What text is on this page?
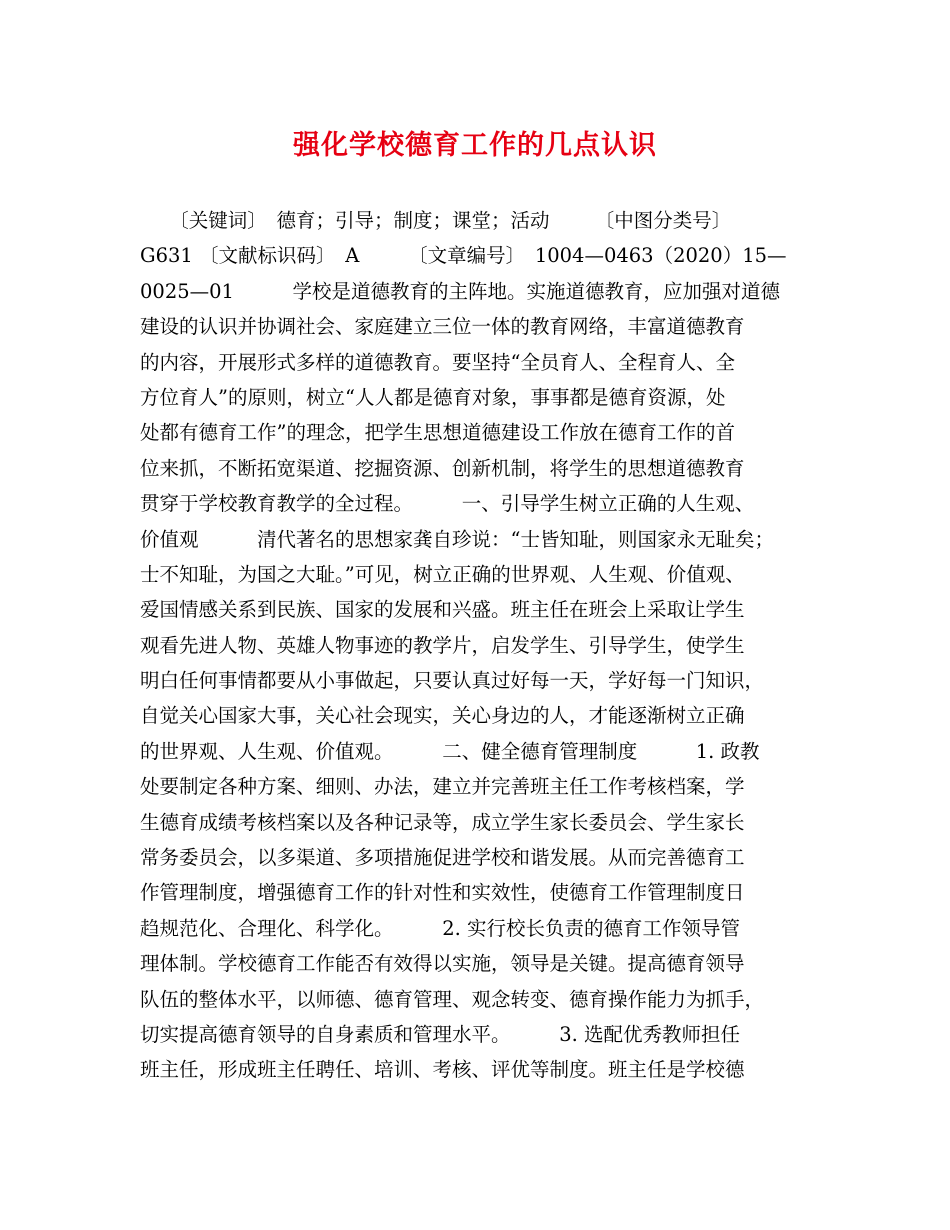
强化学校德育工作的几点认识
　　〔关键词〕　德育；引导；制度；课堂；活动　　 〔中图分类号〕
G631 〔文献标识码〕　A　　　〔文章编号〕　1004—0463（2020）15—
0025—01　　　学校是道德教育的主阵地。实施道德教育，应加强对道德
建设的认识并协调社会、家庭建立三位一体的教育网络，丰富道德教育
的内容，开展形式多样的道德教育。要坚持“全员育人、全程育人、全
方位育人”的原则，树立“人人都是德育对象，事事都是德育资源，处
处都有德育工作”的理念，把学生思想道德建设工作放在德育工作的首
位来抓，不断拓宽渠道、挖掘资源、创新机制，将学生的思想道德教育
贯穿于学校教育教学的全过程。　　　一、引导学生树立正确的人生观、
价值观　　　清代著名的思想家龚自珍说：“士皆知耻，则国家永无耻矣；
士不知耻，为国之大耻。”可见，树立正确的世界观、人生观、价值观、
爱国情感关系到民族、国家的发展和兴盛。班主任在班会上采取让学生
观看先进人物、英雄人物事迹的教学片，启发学生、引导学生，使学生
明白任何事情都要从小事做起，只要认真过好每一天，学好每一门知识，
自觉关心国家大事，关心社会现实，关心身边的人，才能逐渐树立正确
的世界观、人生观、价值观。　　　二、健全德育管理制度　　　1. 政教
处要制定各种方案、细则、办法，建立并完善班主任工作考核档案，学
生德育成绩考核档案以及各种记录等，成立学生家长委员会、学生家长
常务委员会，以多渠道、多项措施促进学校和谐发展。从而完善德育工
作管理制度，增强德育工作的针对性和实效性，使德育工作管理制度日
趋规范化、合理化、科学化。　　　2. 实行校长负责的德育工作领导管
理体制。学校德育工作能否有效得以实施，领导是关键。提高德育领导
队伍的整体水平，以师德、德育管理、观念转变、德育操作能力为抓手，
切实提高德育领导的自身素质和管理水平。　　　3. 选配优秀教师担任
班主任，形成班主任聘任、培训、考核、评优等制度。班主任是学校德
